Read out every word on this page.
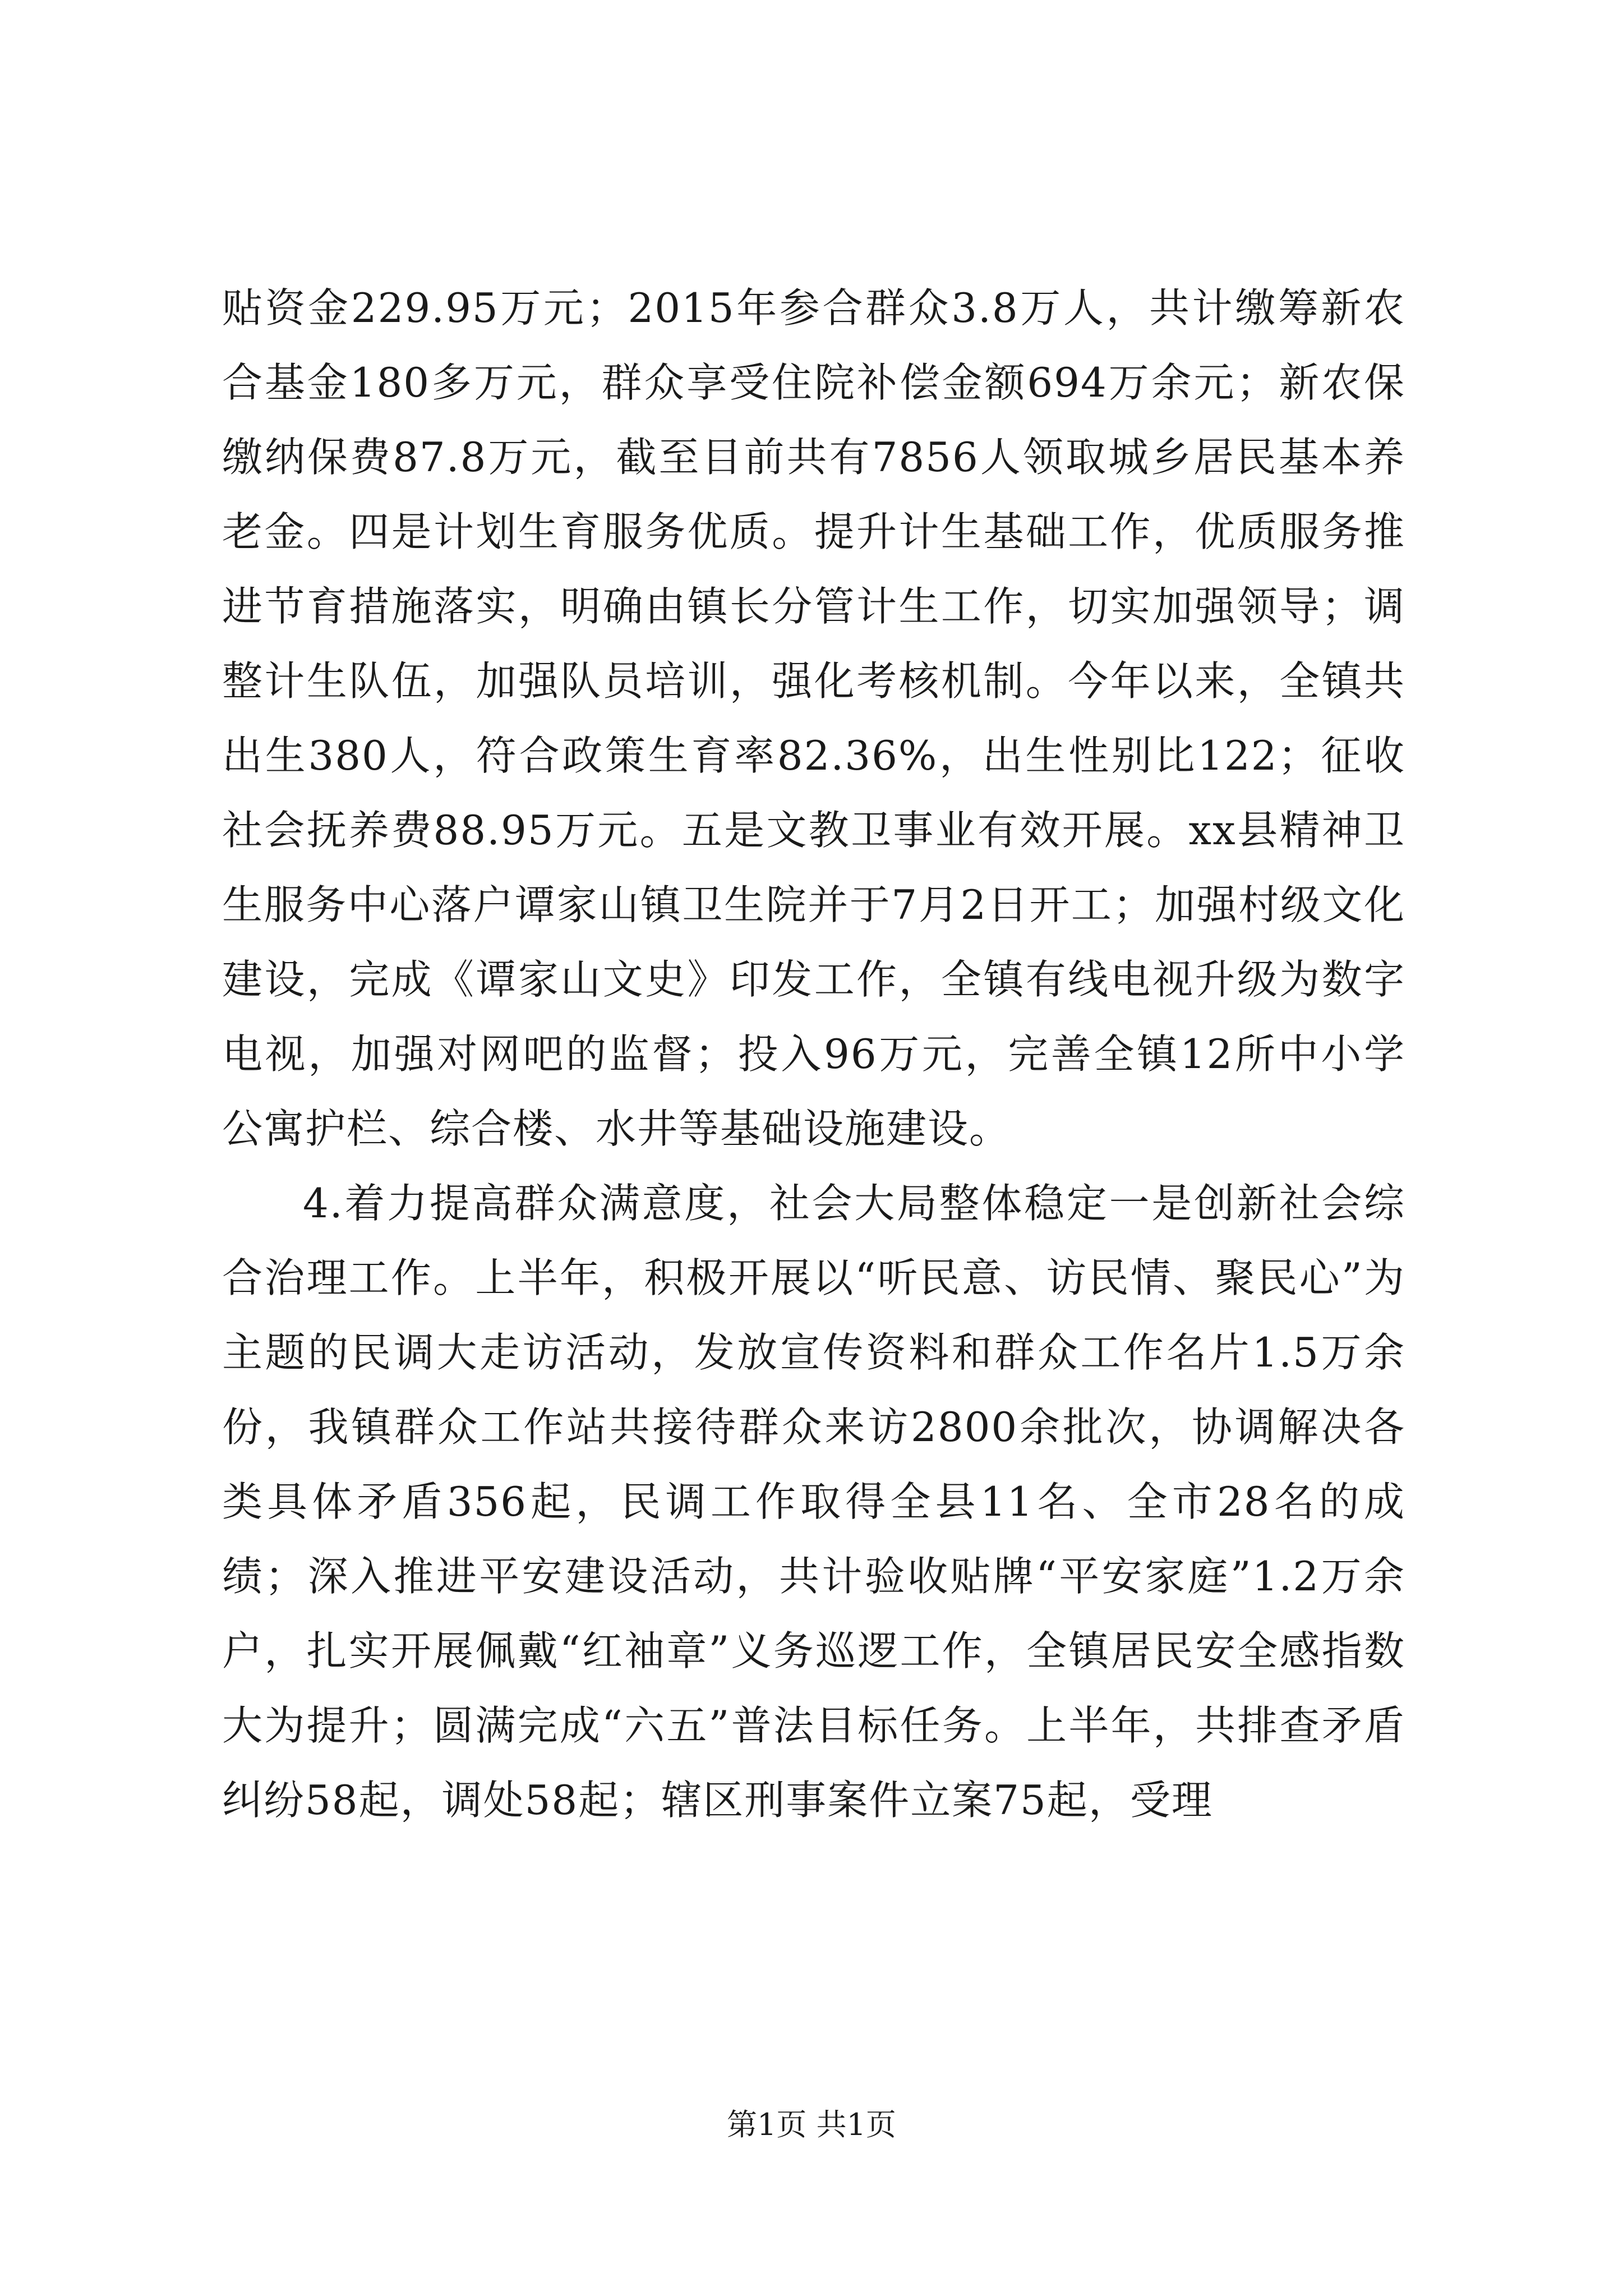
贴资金229.95万元；2015年参合群众3.8万人，共计缴筹新农合基金180多万元，群众享受住院补偿金额694万余元；新农保缴纳保费87.8万元，截至目前共有7856人领取城乡居民基本养老金。四是计划生育服务优质。提升计生基础工作，优质服务推进节育措施落实，明确由镇长分管计生工作，切实加强领导；调整计生队伍，加强队员培训，强化考核机制。今年以来，全镇共出生380人，符合政策生育率82.36%，出生性别比122；征收社会抚养费88.95万元。五是文教卫事业有效开展。xx县精神卫生服务中心落户谭家山镇卫生院并于7月2日开工；加强村级文化建设，完成《谭家山文史》印发工作，全镇有线电视升级为数字电视，加强对网吧的监督；投入96万元，完善全镇12所中小学公寓护栏、综合楼、水井等基础设施建设。

4.着力提高群众满意度，社会大局整体稳定一是创新社会综合治理工作。上半年，积极开展以“听民意、访民情、聚民心”为主题的民调大走访活动，发放宣传资料和群众工作名片1.5万余份，我镇群众工作站共接待群众来访2800余批次，协调解决各类具体矛盾356起，民调工作取得全县11名、全市28名的成绩；深入推进平安建设活动，共计验收贴牌“平安家庭”1.2万余户，扎实开展佩戴“红袖章”义务巡逻工作，全镇居民安全感指数大为提升；圆满完成“六五”普法目标任务。上半年，共排查矛盾纠纷58起，调处58起；辖区刑事案件立案75起，受理

第1页 共1页
